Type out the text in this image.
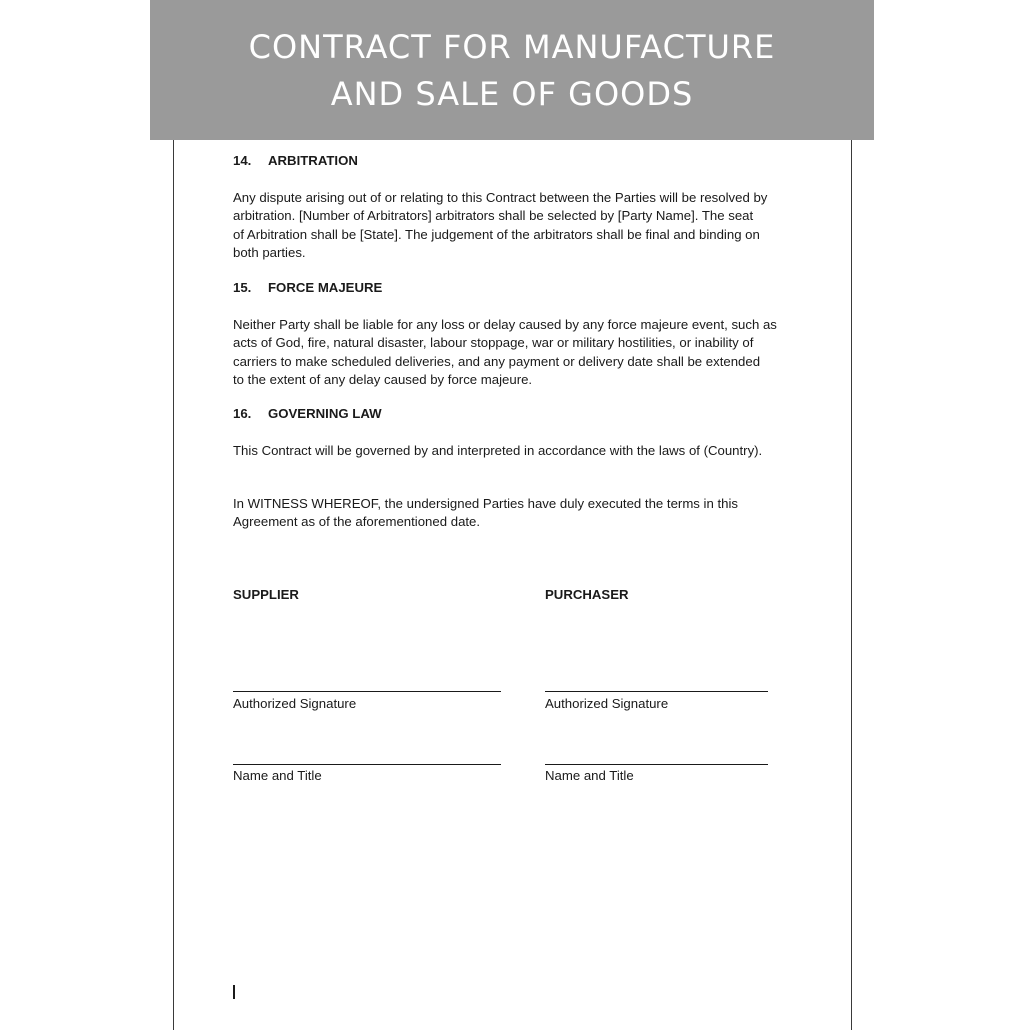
CONTRACT FOR MANUFACTURE
AND SALE OF GOODS
14. ARBITRATION
Any dispute arising out of or relating to this Contract between the Parties will be resolved by
arbitration. [Number of Arbitrators] arbitrators shall be selected by [Party Name]. The seat
of Arbitration shall be [State]. The judgement of the arbitrators shall be final and binding on
both parties.
15. FORCE MAJEURE
Neither Party shall be liable for any loss or delay caused by any force majeure event, such as
acts of God, fire, natural disaster, labour stoppage, war or military hostilities, or inability of
carriers to make scheduled deliveries, and any payment or delivery date shall be extended
to the extent of any delay caused by force majeure.
16. GOVERNING LAW
This Contract will be governed by and interpreted in accordance with the laws of (Country).
In WITNESS WHEREOF, the undersigned Parties have duly executed the terms in this
Agreement as of the aforementioned date.
SUPPLIER
Authorized Signature
Name and Title
PURCHASER
Authorized Signature
Name and Title
